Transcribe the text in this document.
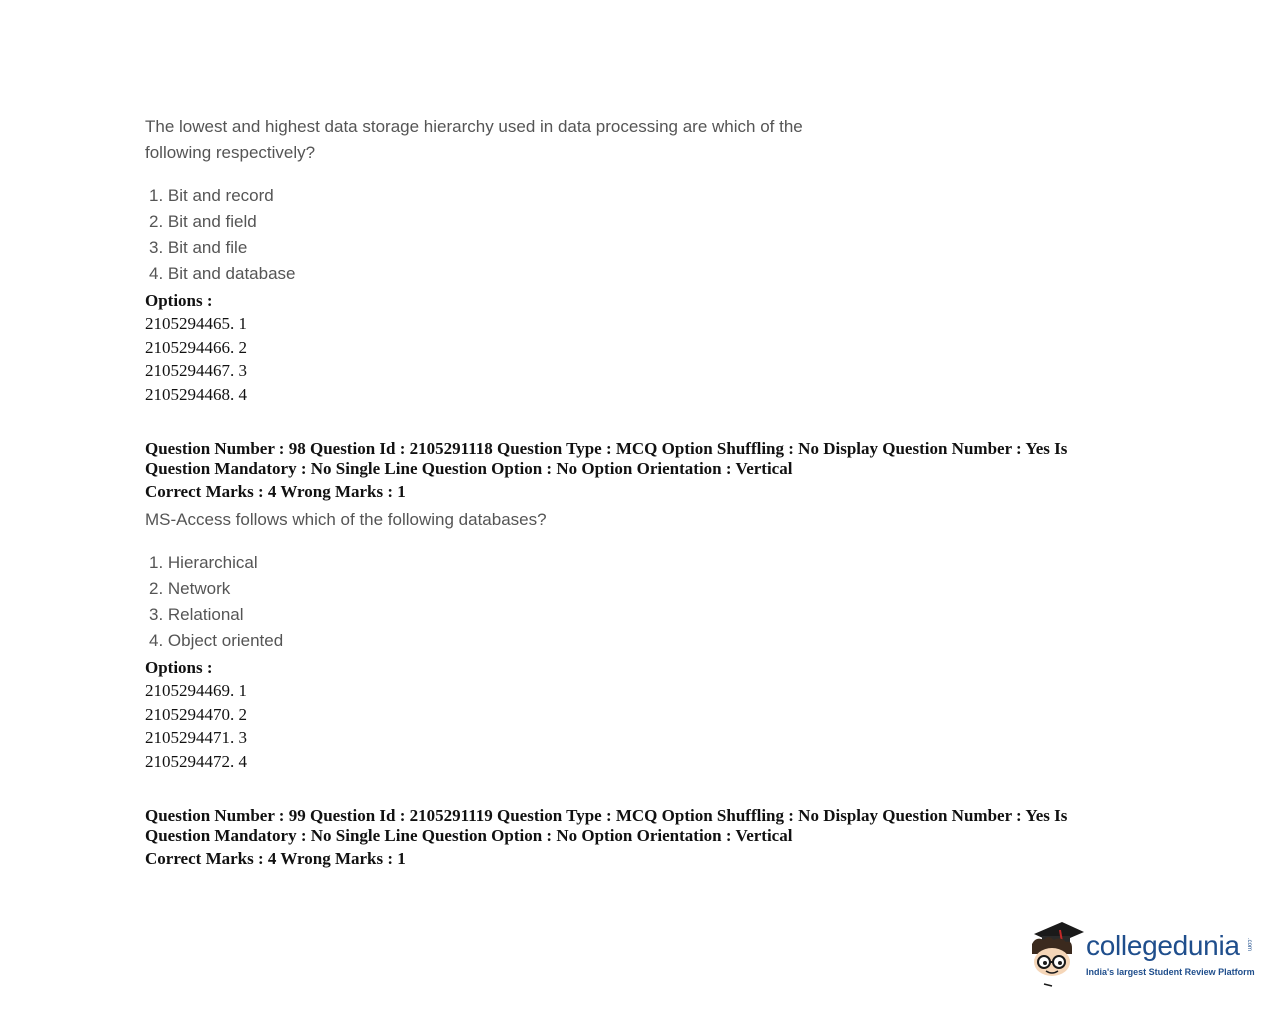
The lowest and highest data storage hierarchy used in data processing are which of the following respectively?
1. Bit and record
2. Bit and field
3. Bit and file
4. Bit and database
Options :
2105294465. 1
2105294466. 2
2105294467. 3
2105294468. 4
Question Number : 98 Question Id : 2105291118 Question Type : MCQ Option Shuffling : No Display Question Number : Yes Is Question Mandatory : No Single Line Question Option : No Option Orientation : Vertical
Correct Marks : 4 Wrong Marks : 1
MS-Access follows which of the following databases?
1. Hierarchical
2. Network
3. Relational
4. Object oriented
Options :
2105294469. 1
2105294470. 2
2105294471. 3
2105294472. 4
Question Number : 99 Question Id : 2105291119 Question Type : MCQ Option Shuffling : No Display Question Number : Yes Is Question Mandatory : No Single Line Question Option : No Option Orientation : Vertical
Correct Marks : 4 Wrong Marks : 1
collegedunia .com
India's largest Student Review Platform
